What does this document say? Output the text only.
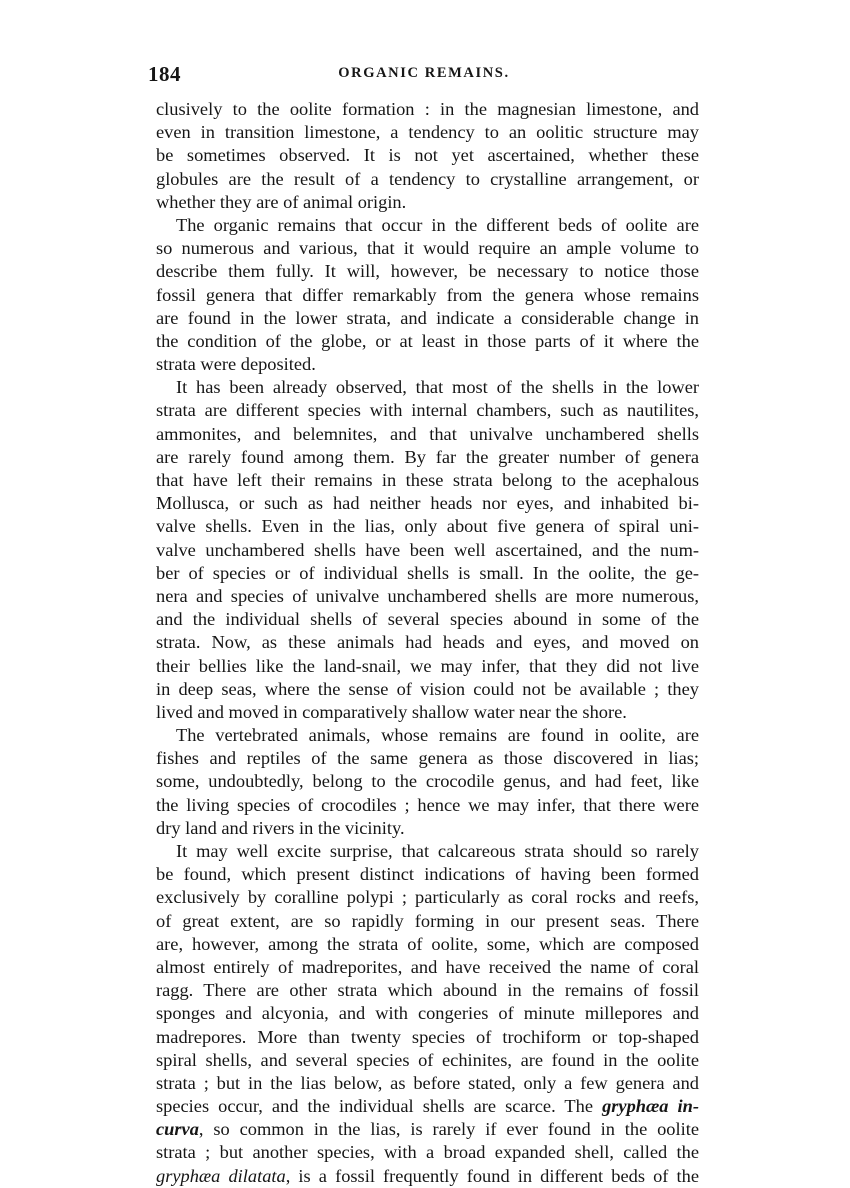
184	ORGANIC REMAINS.
clusively to the oolite formation : in the magnesian limestone, and
even in transition limestone, a tendency to an oolitic structure may
be sometimes observed. It is not yet ascertained, whether these
globules are the result of a tendency to crystalline arrangement, or
whether they are of animal origin.
The organic remains that occur in the different beds of oolite are
so numerous and various, that it would require an ample volume to
describe them fully. It will, however, be necessary to notice those
fossil genera that differ remarkably from the genera whose remains
are found in the lower strata, and indicate a considerable change in
the condition of the globe, or at least in those parts of it where the
strata were deposited.
It has been already observed, that most of the shells in the lower
strata are different species with internal chambers, such as nautilites,
ammonites, and belemnites, and that univalve unchambered shells
are rarely found among them. By far the greater number of genera
that have left their remains in these strata belong to the acephalous
Mollusca, or such as had neither heads nor eyes, and inhabited bi-
valve shells. Even in the lias, only about five genera of spiral uni-
valve unchambered shells have been well ascertained, and the num-
ber of species or of individual shells is small. In the oolite, the ge-
nera and species of univalve unchambered shells are more numerous,
and the individual shells of several species abound in some of the
strata. Now, as these animals had heads and eyes, and moved on
their bellies like the land-snail, we may infer, that they did not live
in deep seas, where the sense of vision could not be available ; they
lived and moved in comparatively shallow water near the shore.
The vertebrated animals, whose remains are found in oolite, are
fishes and reptiles of the same genera as those discovered in lias;
some, undoubtedly, belong to the crocodile genus, and had feet, like
the living species of crocodiles ; hence we may infer, that there were
dry land and rivers in the vicinity.
It may well excite surprise, that calcareous strata should so rarely
be found, which present distinct indications of having been formed
exclusively by coralline polypi ; particularly as coral rocks and reefs,
of great extent, are so rapidly forming in our present seas. There
are, however, among the strata of oolite, some, which are composed
almost entirely of madreporites, and have received the name of coral
ragg. There are other strata which abound in the remains of fossil
sponges and alcyonia, and with congeries of minute millepores and
madrepores. More than twenty species of trochiform or top-shaped
spiral shells, and several species of echinites, are found in the oolite
strata ; but in the lias below, as before stated, only a few genera and
species occur, and the individual shells are scarce. The gryphæa in-
curva, so common in the lias, is rarely if ever found in the oolite
strata ; but another species, with a broad expanded shell, called the
gryphæa dilatata, is a fossil frequently found in different beds of the
